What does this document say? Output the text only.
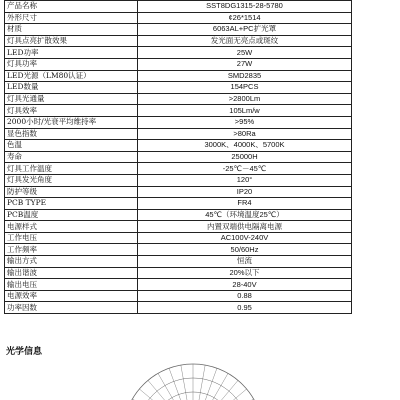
产品名称	SST8DG1315-28-5780
外形尺寸	¢26*1514
材质	6063AL+PC扩光罩
灯具点亮扩散效果	发光面无亮点或斑纹
LED功率	25W
灯具功率	27W
LED光源（LM80认证）	SMD2835
LED数量	154PCS
灯具光通量	>2800Lm
灯具效率	105Lm/w
2000小时/光衰平均维持率	>95%
显色指数	>80Ra
色温	3000K、4000K、5700K
寿命	25000H
灯具工作温度	-25℃－45℃
灯具发光角度	120°
防护等级	IP20
PCB TYPE	FR4
PCB温度	45℃（环境温度25℃）
电源样式	内置双端供电隔离电源
工作电压	AC100V-240V
工作频率	50/60Hz
输出方式	恒流
输出谐波	20%以下
输出电压	28-40V
电源效率	0.88
功率因数	0.95
光学信息
